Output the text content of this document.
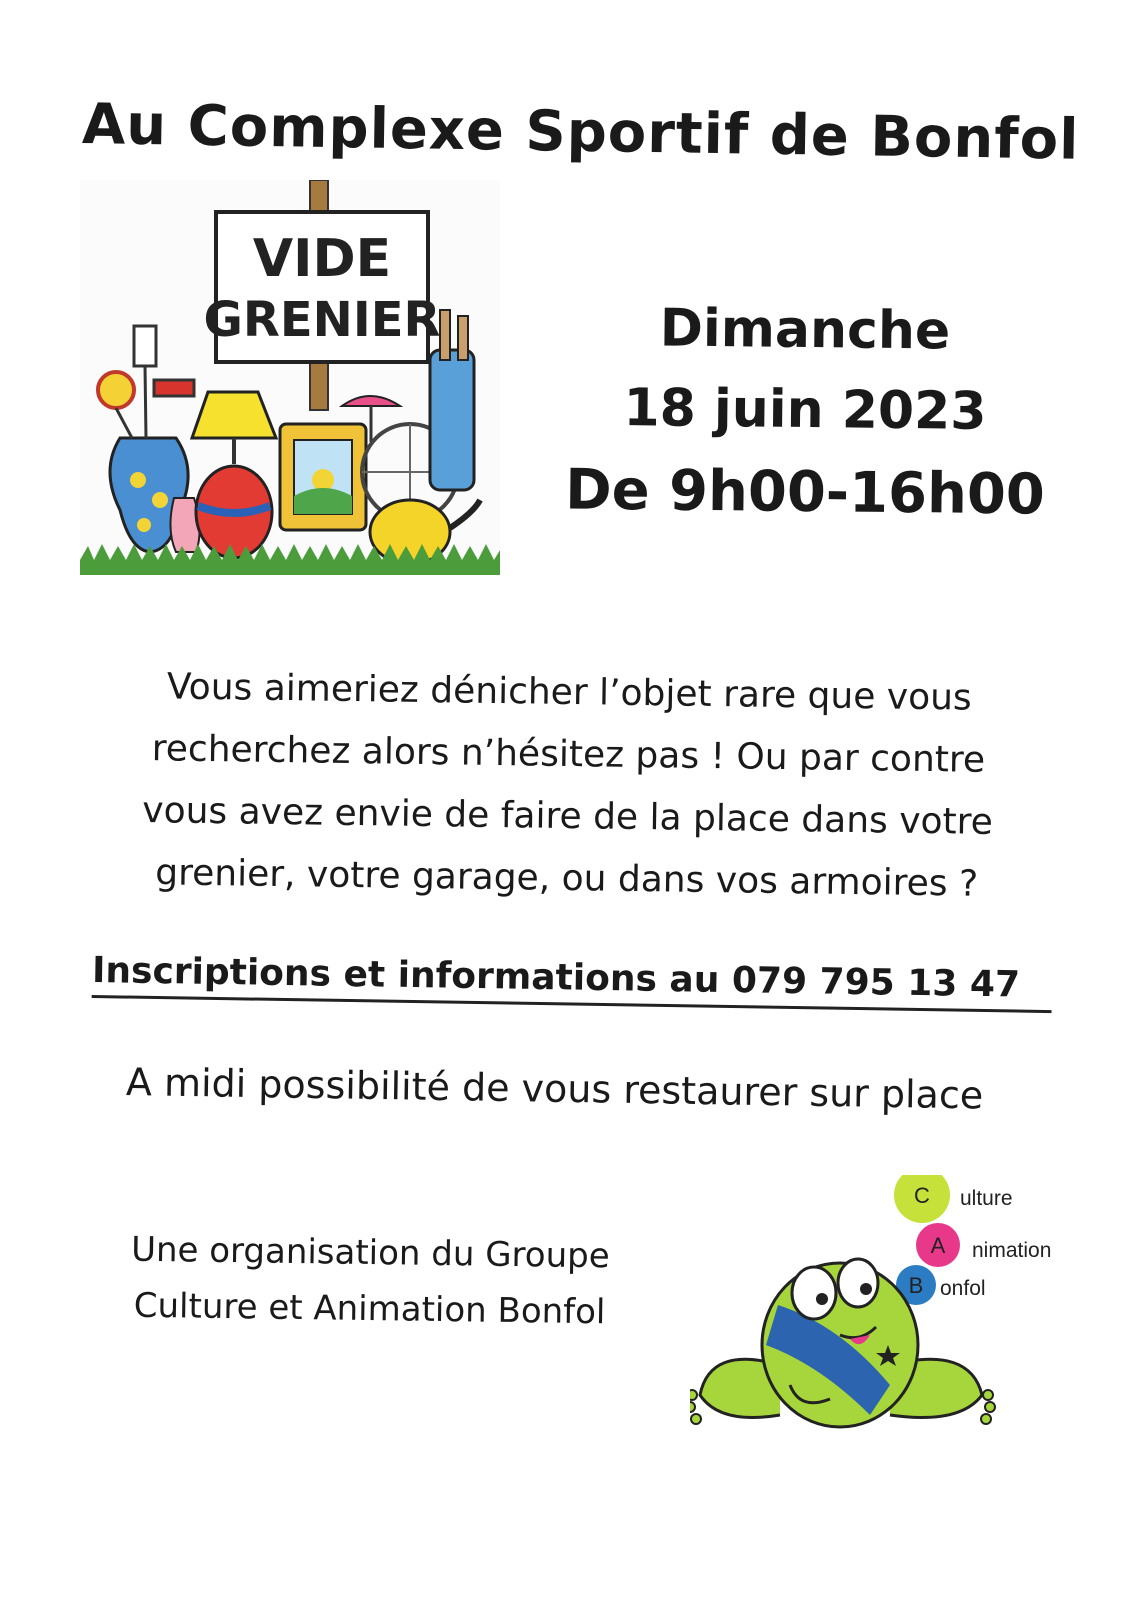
Au Complexe Sportif de Bonfol
VIDE
GRENIER	Dimanche
18 juin 2023
De 9h00-16h00
Vous aimeriez dénicher l’objet rare que vous
recherchez alors n’hésitez pas ! Ou par contre
vous avez envie de faire de la place dans votre
grenier, votre garage, ou dans vos armoires ?
Inscriptions et informations au 079 795 13 47
A midi possibilité de vous restaurer sur place
Une organisation du Groupe
Culture et Animation Bonfol
C ulture
A nimation
B onfol
